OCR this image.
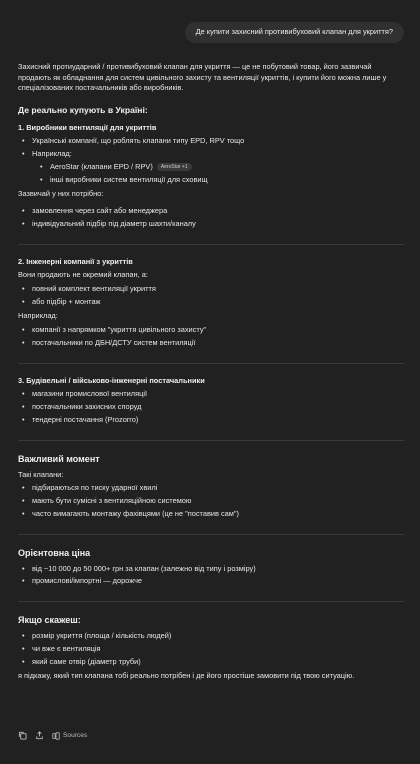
Де купити захисний противибуховий клапан для укриття?

Захисний протиударний / противибуховий клапан для укриття — це не побутовий товар, його зазвичай продають як обладнання для систем цивільного захисту та вентиляції укриттів, і купити його можна лише у спеціалізованих постачальників або виробників.

Де реально купують в Україні:
1. Виробники вентиляції для укриттів
• Українські компанії, що роблять клапани типу EPD, RPV тощо
• Наприклад:
• AeroStar (клапани EPD / RPV) AeroStar +1
• інші виробники систем вентиляції для сховищ

Зазвичай у них потрібно:

• замовлення через сайт або менеджера
• індивідуальний підбір під діаметр шахти/каналу
2. Інженерні компанії з укриттів

Вони продають не окремий клапан, а:

• повний комплект вентиляції укриття
• або підбір + монтаж

Наприклад:

• компанії з напрямком "укриття цивільного захисту"
• постачальники по ДБН/ДСТУ систем вентиляції
3. Будівельні / військово-інженерні постачальники
• магазини промислової вентиляції
• постачальники захисних споруд
• тендерні постачання (Prozorro)
Важливий момент

Такі клапани:

• підбираються по тиску ударної хвилі
• мають бути сумісні з вентиляційною системою
• часто вимагають монтажу фахівцями (це не "поставив сам")
Орієнтовна ціна
• від ~10 000 до 50 000+ грн за клапан (залежно від типу і розміру)
• промислові/імпортні — дорожче
Якщо скажеш:
• розмір укриття (площа / кількість людей)
• чи вже є вентиляція
• який саме отвір (діаметр труби)

я підкажу, який тип клапана тобі реально потрібен і де його простіше замовити під твою ситуацію.

Sources
